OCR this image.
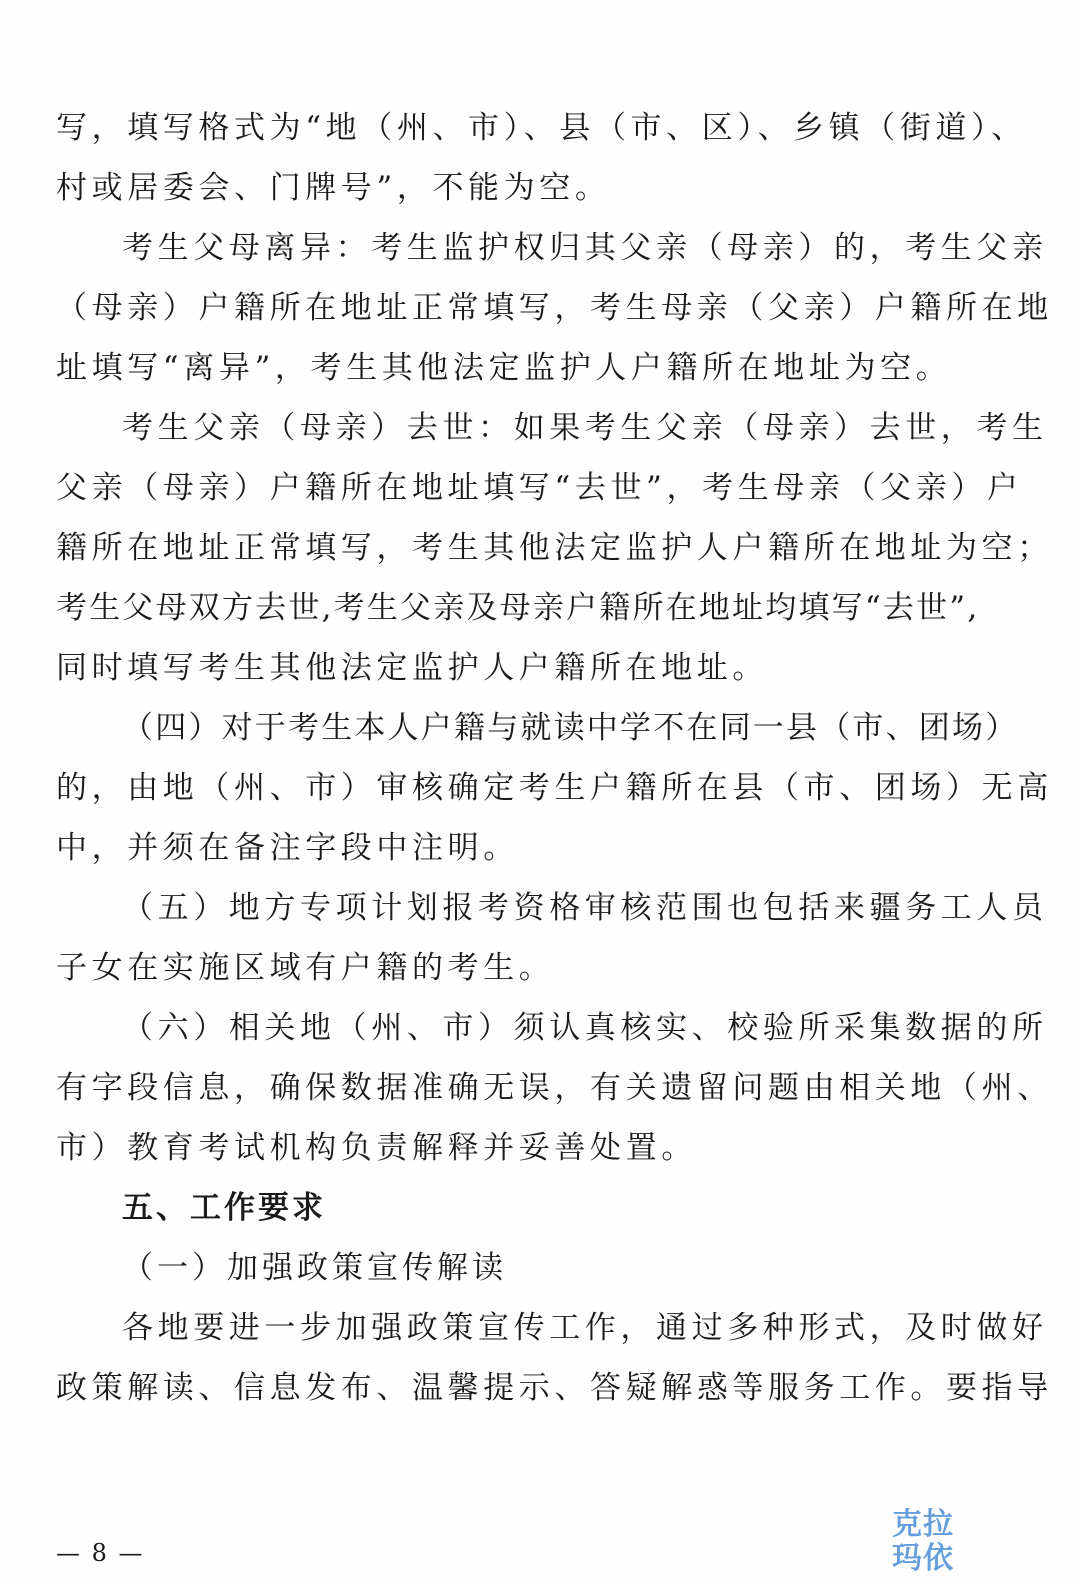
写，填写格式为“地（州、市）、县（市、区）、乡镇（街道）、
村或居委会、门牌号”，不能为空。
考生父母离异：考生监护权归其父亲（母亲）的，考生父亲
（母亲）户籍所在地址正常填写，考生母亲（父亲）户籍所在地
址填写“离异”，考生其他法定监护人户籍所在地址为空。
考生父亲（母亲）去世：如果考生父亲（母亲）去世，考生
父亲（母亲）户籍所在地址填写“去世”，考生母亲（父亲）户
籍所在地址正常填写，考生其他法定监护人户籍所在地址为空；
考生父母双方去世,考生父亲及母亲户籍所在地址均填写“去世”,
同时填写考生其他法定监护人户籍所在地址。
（四）对于考生本人户籍与就读中学不在同一县（市、团场）
的，由地（州、市）审核确定考生户籍所在县（市、团场）无高
中，并须在备注字段中注明。
（五）地方专项计划报考资格审核范围也包括来疆务工人员
子女在实施区域有户籍的考生。
（六）相关地（州、市）须认真核实、校验所采集数据的所
有字段信息，确保数据准确无误，有关遗留问题由相关地（州、
市）教育考试机构负责解释并妥善处置。
五、工作要求
（一）加强政策宣传解读
各地要进一步加强政策宣传工作，通过多种形式，及时做好
政策解读、信息发布、温馨提示、答疑解惑等服务工作。要指导
— 8 —
克拉
玛依
